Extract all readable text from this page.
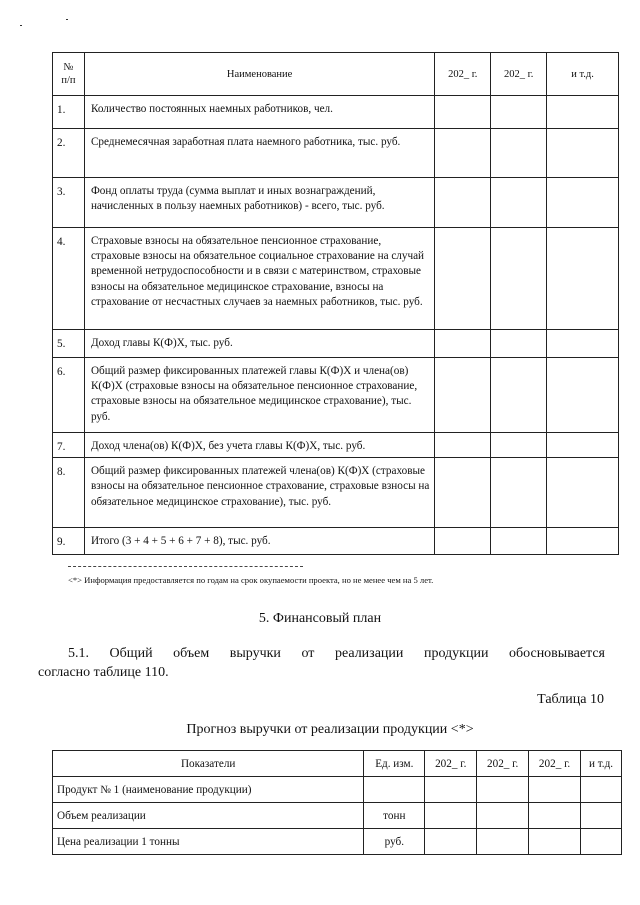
№
п/п	Наименование	202_ г.	202_ г.	и т.д.
1.	Количество постоянных наемных работников, чел.			
2.	Среднемесячная заработная плата наемного работника, тыс. руб.			
3.	Фонд оплаты труда (сумма выплат и иных вознаграждений, начисленных в пользу наемных работников) - всего, тыс. руб.			
4.	Страховые взносы на обязательное пенсионное страхование, страховые взносы на обязательное социальное страхование на случай временной нетрудоспособности и в связи с материнством, страховые взносы на обязательное медицинское страхование, взносы на страхование от несчастных случаев за наемных работников, тыс. руб.			
5.	Доход главы К(Ф)Х, тыс. руб.			
6.	Общий размер фиксированных платежей главы К(Ф)Х и члена(ов) К(Ф)Х (страховые взносы на обязательное пенсионное страхование, страховые взносы на обязательное медицинское страхование), тыс. руб.			
7.	Доход члена(ов) К(Ф)Х, без учета главы К(Ф)Х, тыс. руб.			
8.	Общий размер фиксированных платежей члена(ов) К(Ф)Х (страховые взносы на обязательное пенсионное страхование, страховые взносы на обязательное медицинское страхование), тыс. руб.			
9.	Итого (3 + 4 + 5 + 6 + 7 + 8), тыс. руб.			
<*> Информация предоставляется по годам на срок окупаемости проекта, но не менее чем на 5 лет.
5. Финансовый план
5.1. Общий объем выручки от реализации продукции обосновывается
согласно таблице 110.
Таблица 10
Прогноз выручки от реализации продукции <*>
Показатели	Ед. изм.	202_ г.	202_ г.	202_ г.	и т.д.
Продукт № 1 (наименование продукции)					
Объем реализации	тонн				
Цена реализации 1 тонны	руб.				
